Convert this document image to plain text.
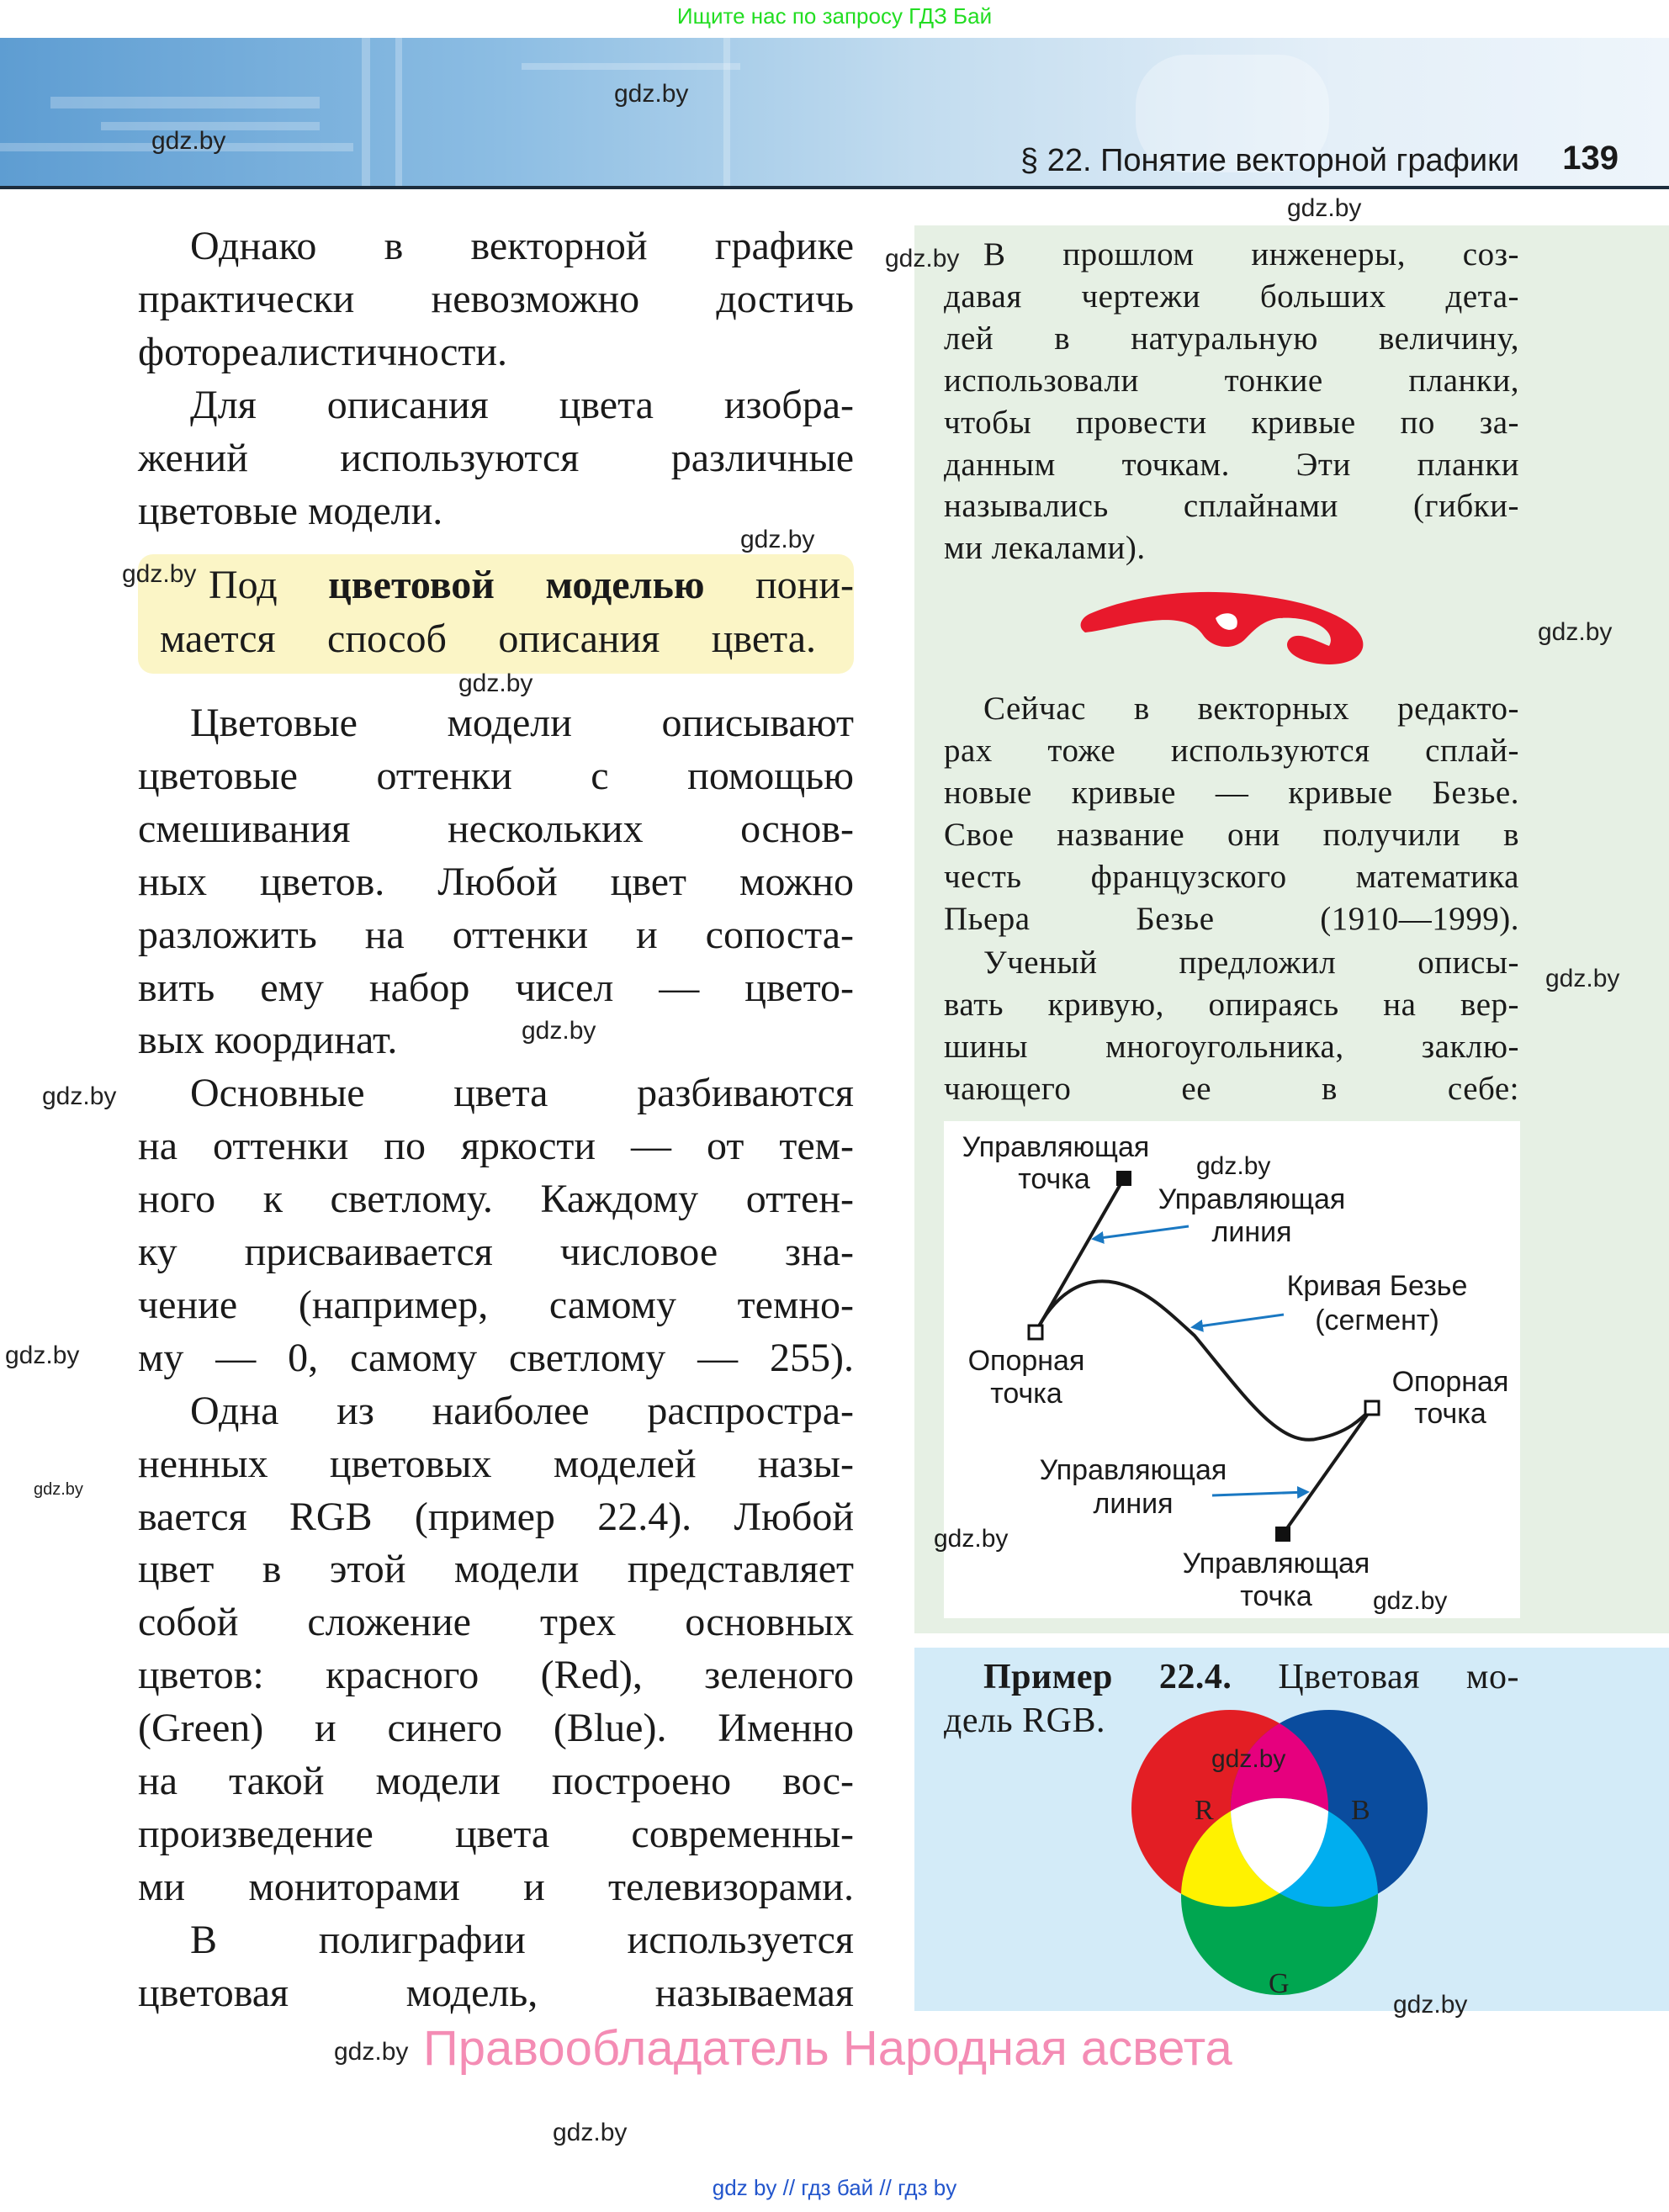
Ищите нас по запросу ГДЗ Бай
§ 22. Понятие векторной графики 139
Однако в векторной графике
практически невозможно достичь
фотореалистичности.
Для описания цвета изобра-
жений используются различные
цветовые модели.
Цветовые модели описывают
цветовые оттенки с помощью
смешивания нескольких основ-
ных цветов. Любой цвет можно
разложить на оттенки и сопоста-
вить ему набор чисел — цвето-
вых координат.
Основные цвета разбиваются
на оттенки по яркости — от тем-
ного к светлому. Каждому оттен-
ку присваивается числовое зна-
чение (например, самому темно-
му — 0, самому светлому — 255).
Одна из наиболее распростра-
ненных цветовых моделей назы-
вается RGB (пример 22.4). Любой
цвет в этой модели представляет
собой сложение трех основных
цветов: красного (Red), зеленого
(Green) и синего (Blue). Именно
на такой модели построено вос-
произведение цвета современны-
ми мониторами и телевизорами.
В полиграфии используется
цветовая модель, называемая
Под цветовой моделью пони-
мается способ описания цвета.
В прошлом инженеры, соз-
давая чертежи больших дета-
лей в натуральную величину,
использовали тонкие планки,
чтобы провести кривые по за-
данным точкам. Эти планки
назывались сплайнами (гибки-
ми лекалами).
Сейчас в векторных редакто-
рах тоже используются сплай-
новые кривые — кривые Безье.
Свое название они получили в
честь французского математика
Пьера Безье (1910—1999).
Ученый предложил описы-
вать кривую, опираясь на вер-
шины многоугольника, заклю-
чающего ее в себе:
Управляющая
точка
Управляющая
линия
Кривая Безье
(сегмент)
Опорная
точка	Опорная
точка
Управляющая
линия
Управляющая
точка
gdz.by
gdz.by
gdz.by
Пример 22.4. Цветовая мо-
дель RGB.
R	B
G
gdz.by
gdz.by
gdz.by
gdz.by
gdz.by
gdz.by
gdz.by
gdz.by
gdz.by
gdz.by
gdz.by
gdz.by
gdz.by
gdz.by
gdz.by
gdz.by
gdz.by
Правообладатель Народная асвета
gdz by // гдз бай // гдз by
